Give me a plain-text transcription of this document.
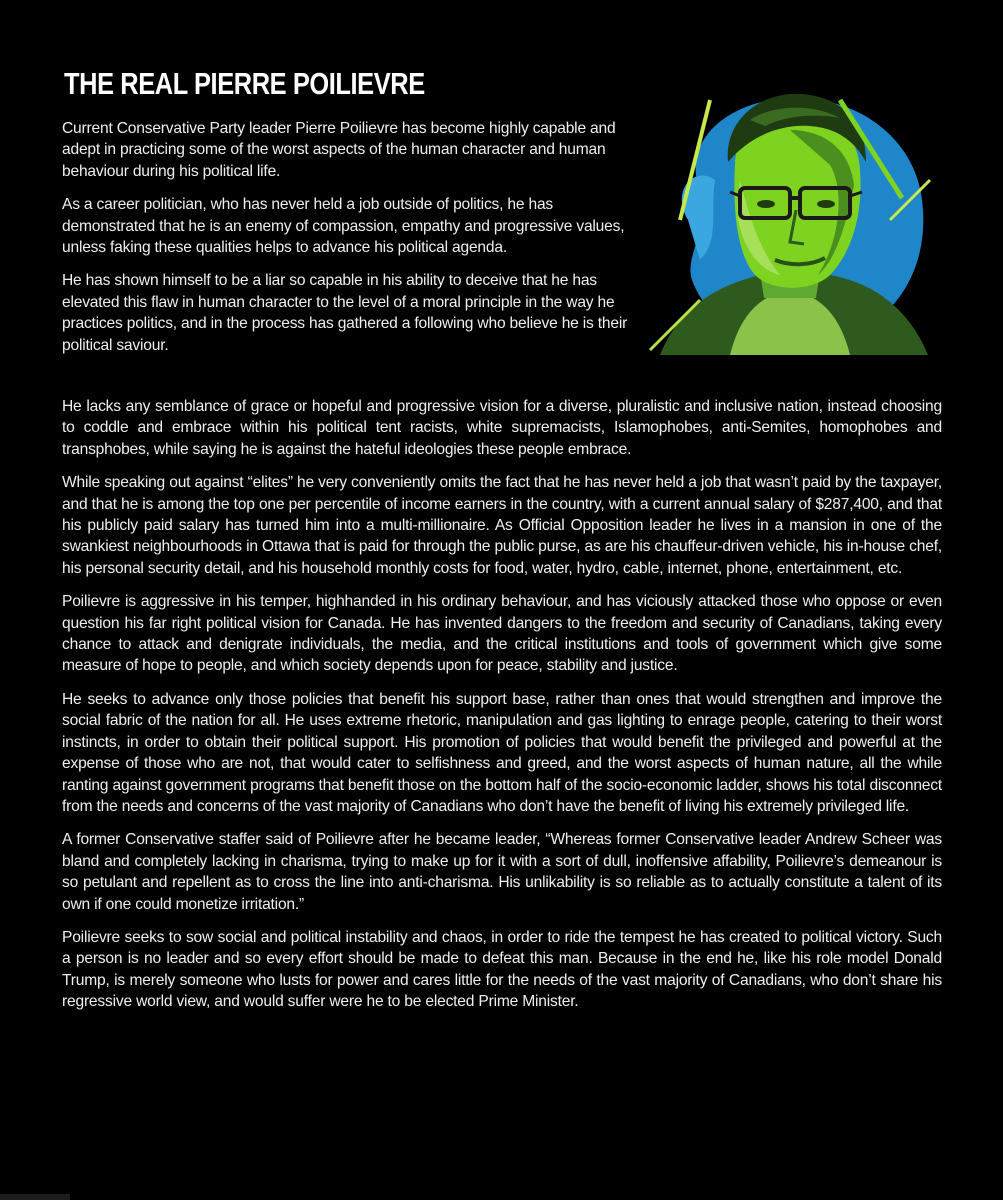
THE REAL PIERRE POILIEVRE

Current Conservative Party leader Pierre Poilievre has become highly capable and adept in practicing some of the worst aspects of the human character and human behaviour during his political life.

As a career politician, who has never held a job outside of politics, he has demonstrated that he is an enemy of compassion, empathy and progressive values, unless faking these qualities helps to advance his political agenda.

He has shown himself to be a liar so capable in his ability to deceive that he has elevated this flaw in human character to the level of a moral principle in the way he practices politics, and in the process has gathered a following who believe he is their political saviour.

He lacks any semblance of grace or hopeful and progressive vision for a diverse, pluralistic and inclusive nation, instead choosing to coddle and embrace within his political tent racists, white supremacists, Islamophobes, anti-Semites, homophobes and transphobes, while saying he is against the hateful ideologies these people embrace.

While speaking out against “elites” he very conveniently omits the fact that he has never held a job that wasn’t paid by the taxpayer, and that he is among the top one per percentile of income earners in the country, with a current annual salary of $287,400, and that his publicly paid salary has turned him into a multi-millionaire. As Official Opposition leader he lives in a mansion in one of the swankiest neighbourhoods in Ottawa that is paid for through the public purse, as are his chauffeur-driven vehicle, his in-house chef, his personal security detail, and his household monthly costs for food, water, hydro, cable, internet, phone, entertainment, etc.

Poilievre is aggressive in his temper, highhanded in his ordinary behaviour, and has viciously attacked those who oppose or even question his far right political vision for Canada. He has invented dangers to the freedom and security of Canadians, taking every chance to attack and denigrate individuals, the media, and the critical institutions and tools of government which give some measure of hope to people, and which society depends upon for peace, stability and justice.

He seeks to advance only those policies that benefit his support base, rather than ones that would strengthen and improve the social fabric of the nation for all. He uses extreme rhetoric, manipulation and gas lighting to enrage people, catering to their worst instincts, in order to obtain their political support. His promotion of policies that would benefit the privileged and powerful at the expense of those who are not, that would cater to selfishness and greed, and the worst aspects of human nature, all the while ranting against government programs that benefit those on the bottom half of the socio-economic ladder, shows his total disconnect from the needs and concerns of the vast majority of Canadians who don’t have the benefit of living his extremely privileged life.

A former Conservative staffer said of Poilievre after he became leader, “Whereas former Conservative leader Andrew Scheer was bland and completely lacking in charisma, trying to make up for it with a sort of dull, inoffensive affability, Poilievre’s demeanour is so petulant and repellent as to cross the line into anti-charisma. His unlikability is so reliable as to actually constitute a talent of its own if one could monetize irritation.”

Poilievre seeks to sow social and political instability and chaos, in order to ride the tempest he has created to political victory. Such a person is no leader and so every effort should be made to defeat this man. Because in the end he, like his role model Donald Trump, is merely someone who lusts for power and cares little for the needs of the vast majority of Canadians, who don’t share his regressive world view, and would suffer were he to be elected Prime Minister.
